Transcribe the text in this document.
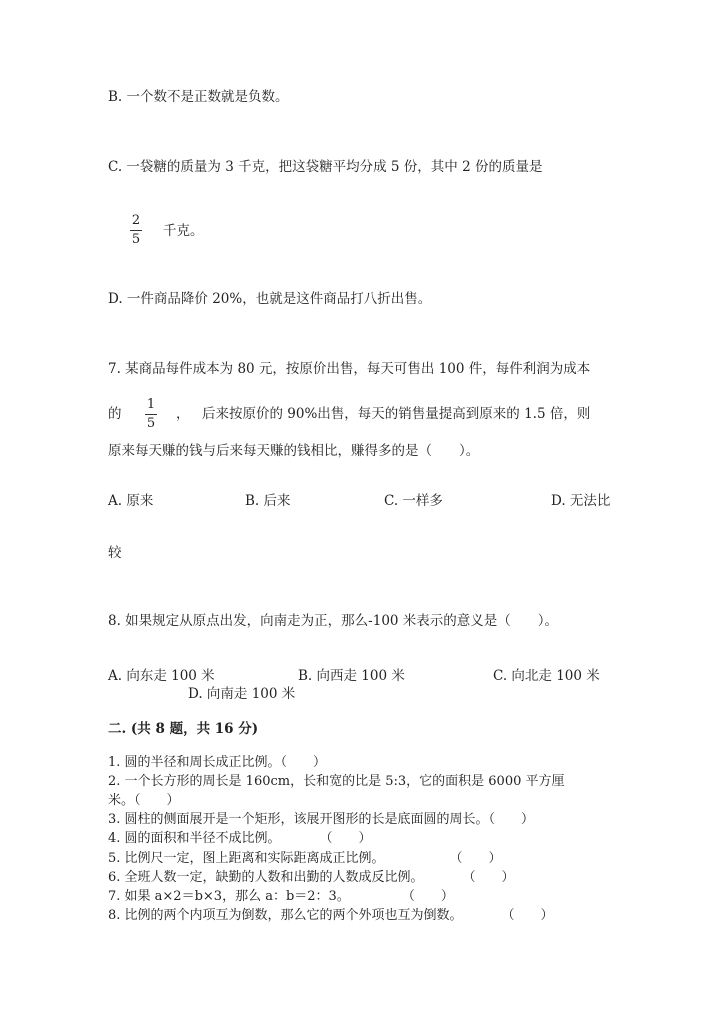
B. 一个数不是正数就是负数。
C. 一袋糖的质量为 3 千克，把这袋糖平均分成 5 份，其中 2 份的质量是
2
5
千克。
D. 一件商品降价 20%，也就是这件商品打八折出售。
7. 某商品每件成本为 80 元，按原价出售，每天可售出 100 件，每件利润为成本
的
1
5
， 后来按原价的 90%出售，每天的销售量提高到原来的 1.5 倍，则
原来每天赚的钱与后来每天赚的钱相比，赚得多的是（　　）。
A. 原来	B. 后来	C. 一样多	D. 无法比
较
8. 如果规定从原点出发，向南走为正，那么-100 米表示的意义是（　　）。
A. 向东走 100 米	B. 向西走 100 米	C. 向北走 100 米
D. 向南走 100 米
二. (共 8 题，共 16 分)
1. 圆的半径和周长成正比例。（　　）
2. 一个长方形的周长是 160cm，长和宽的比是 5:3，它的面积是 6000 平方厘
米。（　　）
3. 圆柱的侧面展开是一个矩形，该展开图形的长是底面圆的周长。（　　）
4. 圆的面积和半径不成比例。　　　　（　　）
5. 比例尺一定，图上距离和实际距离成正比例。　　　　　　（　　）
6. 全班人数一定，缺勤的人数和出勤的人数成反比例。　　　　（　　）
7. 如果 a×2＝b×3，那么 a：b＝2：3。　　　　　（　　）
8. 比例的两个内项互为倒数，那么它的两个外项也互为倒数。　　　　（　　）
